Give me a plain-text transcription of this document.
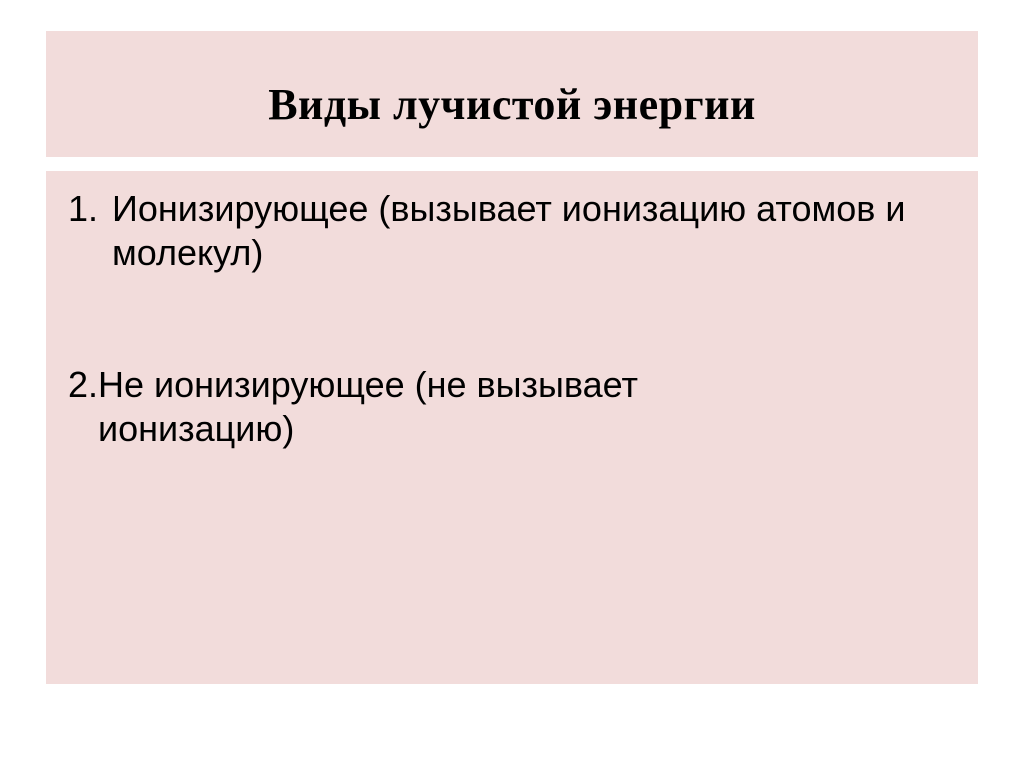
Виды лучистой энергии
1. Ионизирующее (вызывает ионизацию атомов и молекул)
2. Не ионизирующее (не вызывает ионизацию)
